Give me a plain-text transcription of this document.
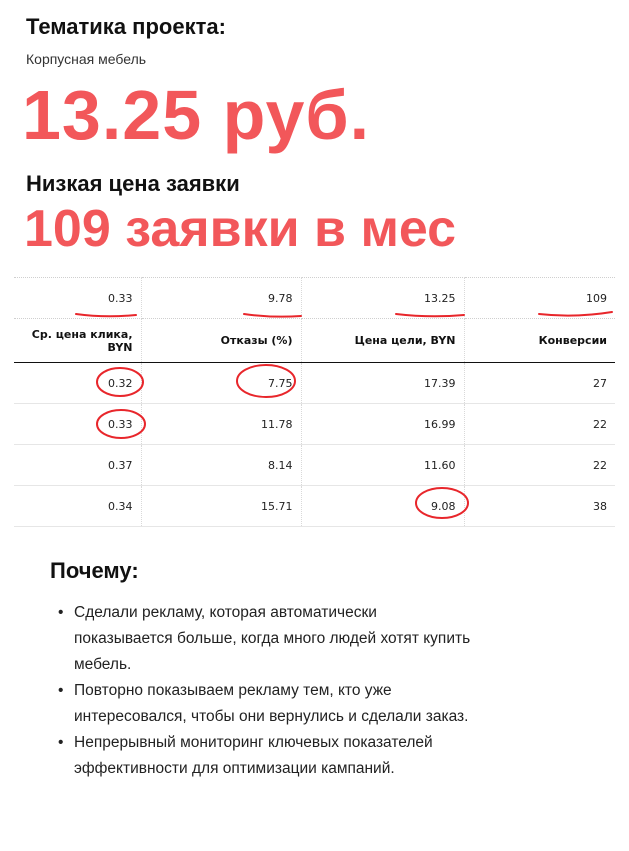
Тематика проекта:
Корпусная мебель
13.25 руб.
Низкая цена заявки
109 заявки в мес
0.33	9.78	13.25	109
Ср. цена клика, BYN	Отказы (%)	Цена цели, BYN	Конверсии
0.32	7.75	17.39	27
0.33	11.78	16.99	22
0.37	8.14	11.60	22
0.34	15.71	9.08	38
Почему:
• Сделали рекламу, которая автоматически показывается больше, когда много людей хотят купить мебель.
• Повторно показываем рекламу тем, кто уже интересовался, чтобы они вернулись и сделали заказ.
• Непрерывный мониторинг ключевых показателей эффективности для оптимизации кампаний.
